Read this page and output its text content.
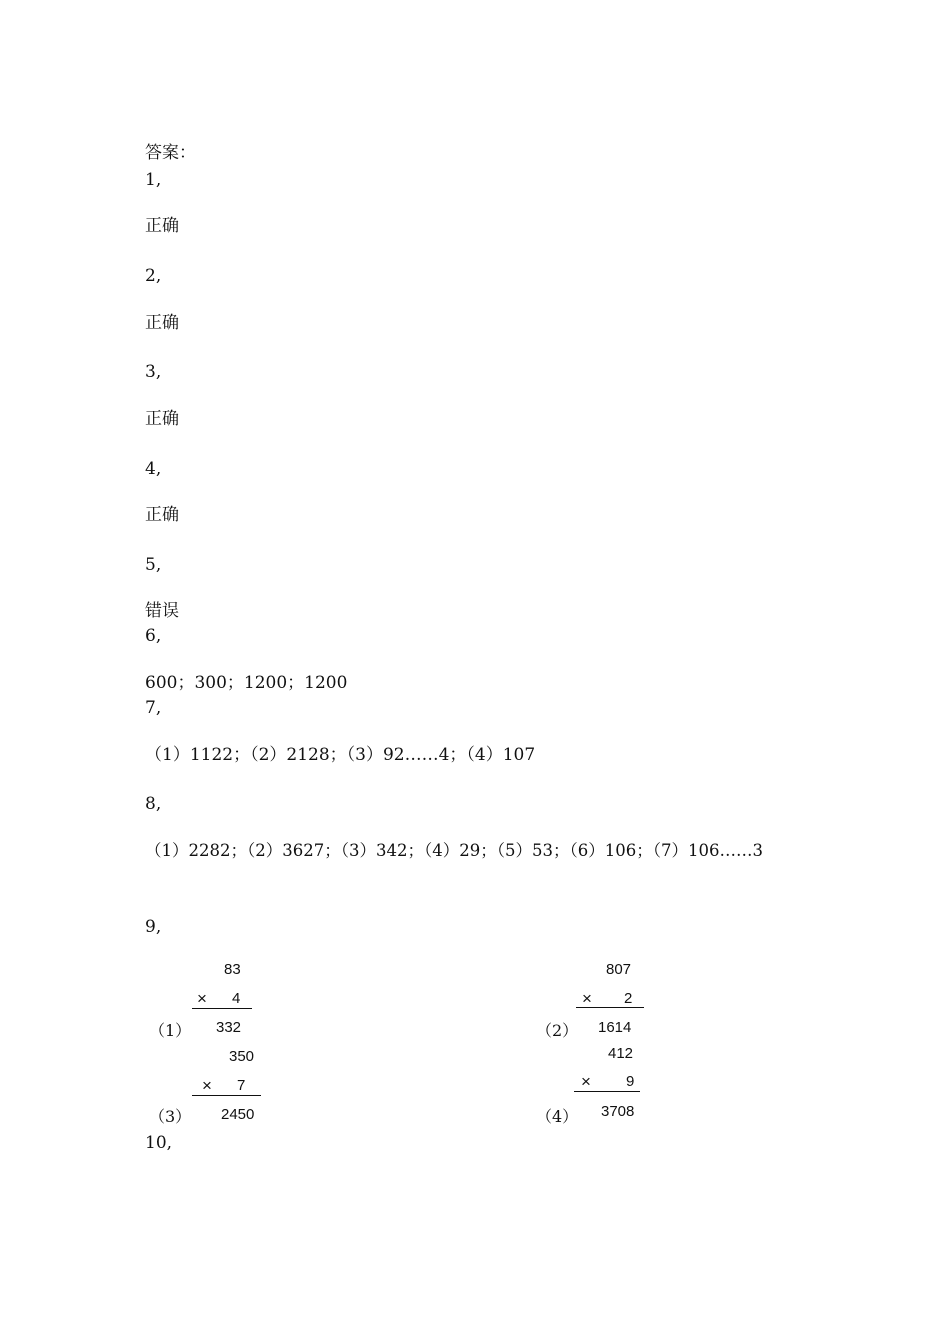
答案：
1,
正确
2,
正确
3,
正确
4,
正确
5,
错误
6,
600；300；1200；1200
7,
（1）1122；（2）2128；（3）92……4；（4）107
8,
（1）2282；（2）3627；（3）342；（4）29；（5）53；（6）106；（7）106……3
9,
83
× 4
332
（1）
807
× 2
1614
（2）
350
× 7
2450
（3）
412
× 9
3708
（4）
10,
